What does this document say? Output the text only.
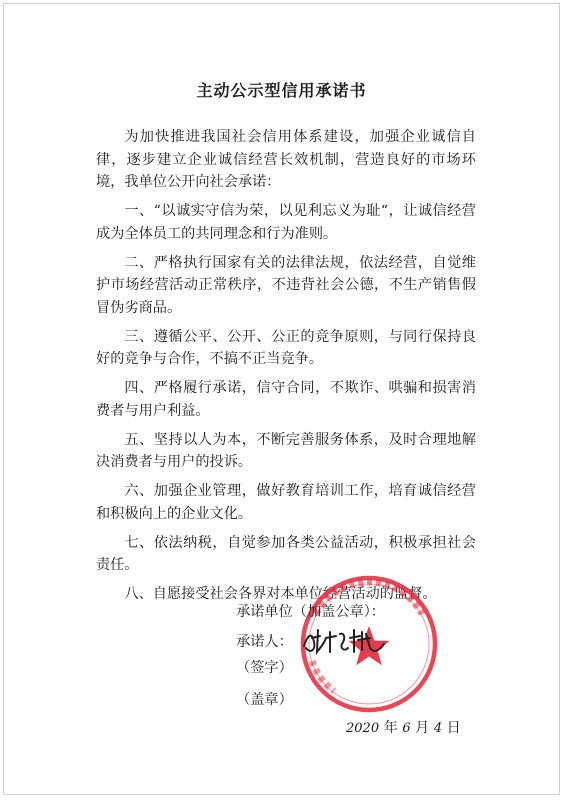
主动公示型信用承诺书

为加快推进我国社会信用体系建设，加强企业诚信自律，逐步建立企业诚信经营长效机制，营造良好的市场环境，我单位公开向社会承诺：

一、“以诚实守信为荣，以见利忘义为耻“，让诚信经营成为全体员工的共同理念和行为准则。

二、严格执行国家有关的法律法规，依法经营，自觉维护市场经营活动正常秩序，不违背社会公德，不生产销售假冒伪劣商品。

三、遵循公平、公开、公正的竞争原则，与同行保持良好的竞争与合作，不搞不正当竞争。

四、严格履行承诺，信守合同，不欺诈、哄骗和损害消费者与用户利益。

五、坚持以人为本，不断完善服务体系，及时合理地解决消费者与用户的投诉。

六、加强企业管理，做好教育培训工作，培育诚信经营和积极向上的企业文化。

七、依法纳税，自觉参加各类公益活动，积极承担社会责任。

八、自愿接受社会各界对本单位经营活动的监督。

承诺单位（加盖公章）：
承诺人：
（签字）
（盖章）
2020 年 6 月 4 日
